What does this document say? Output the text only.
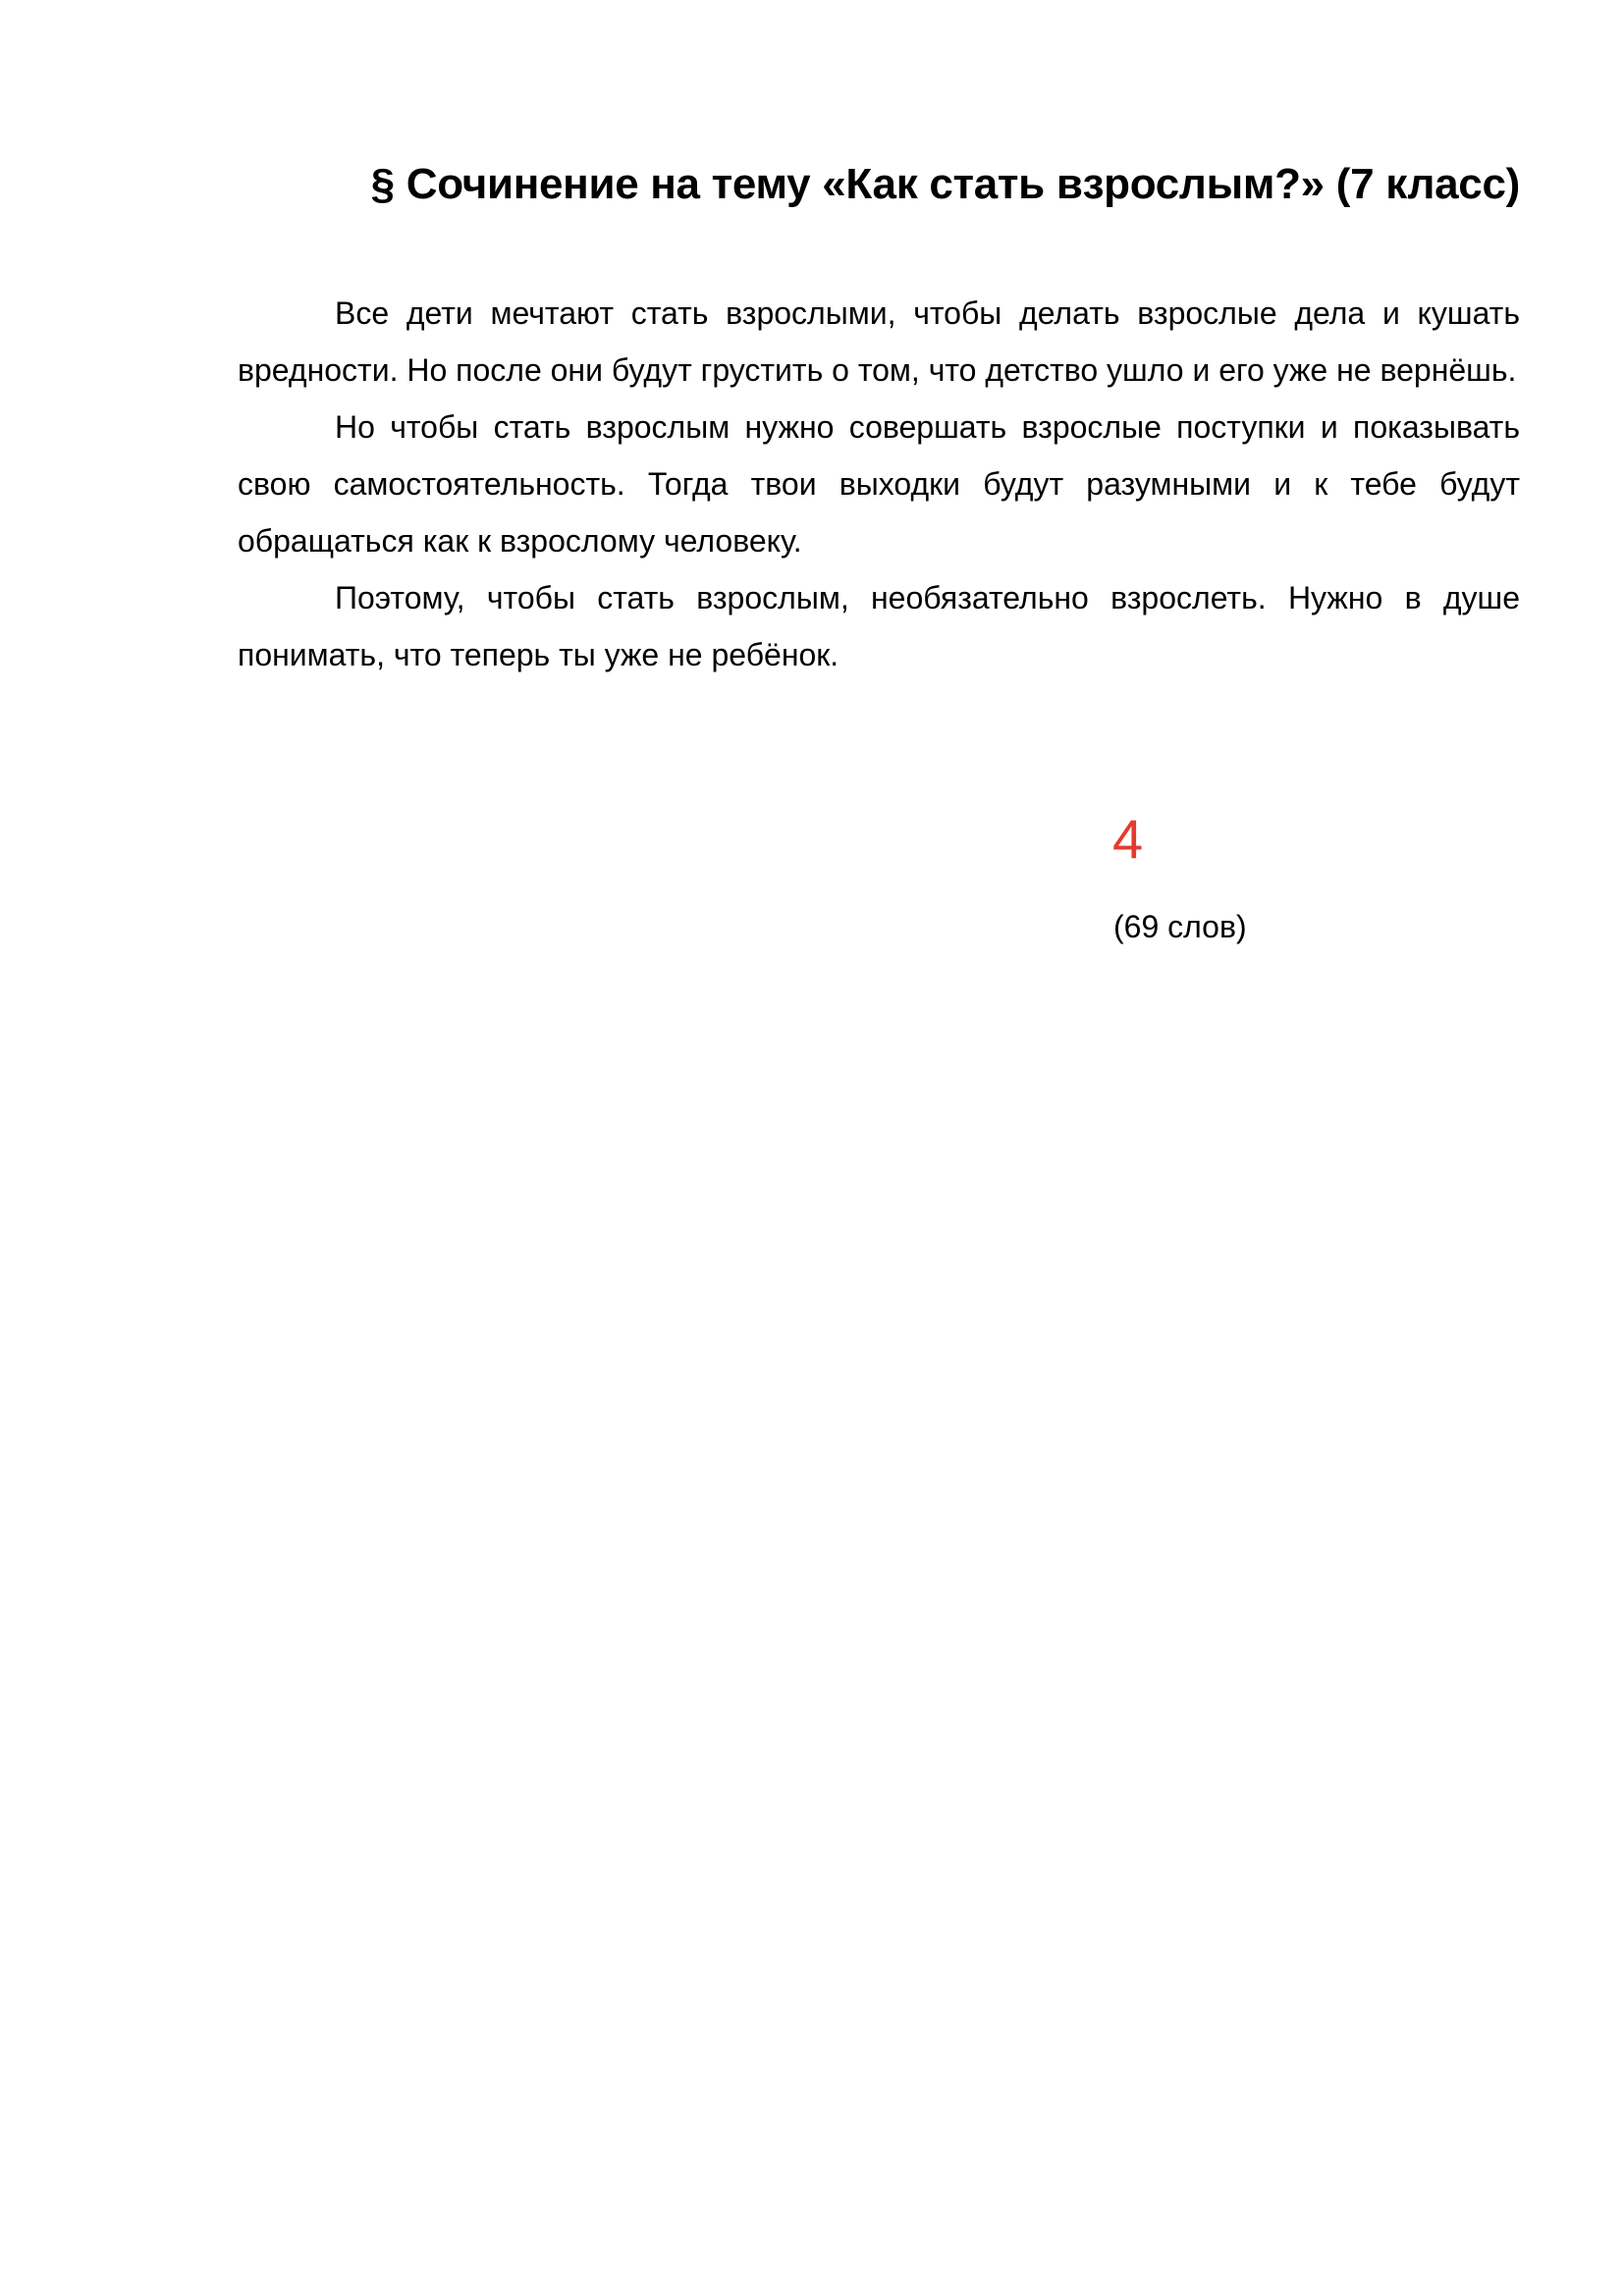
§ Сочинение на тему «Как стать взрослым?» (7 класс)

Все дети мечтают стать взрослыми, чтобы делать взрослые дела и кушать вредности. Но после они будут грустить о том, что детство ушло и его уже не вернёшь.

Но чтобы стать взрослым нужно совершать взрослые поступки и показывать свою самостоятельность. Тогда твои выходки будут разумными и к тебе будут обращаться как к взрослому человеку.

Поэтому, чтобы стать взрослым, необязательно взрослеть. Нужно в душе понимать, что теперь ты уже не ребёнок.

4
(69 слов)
